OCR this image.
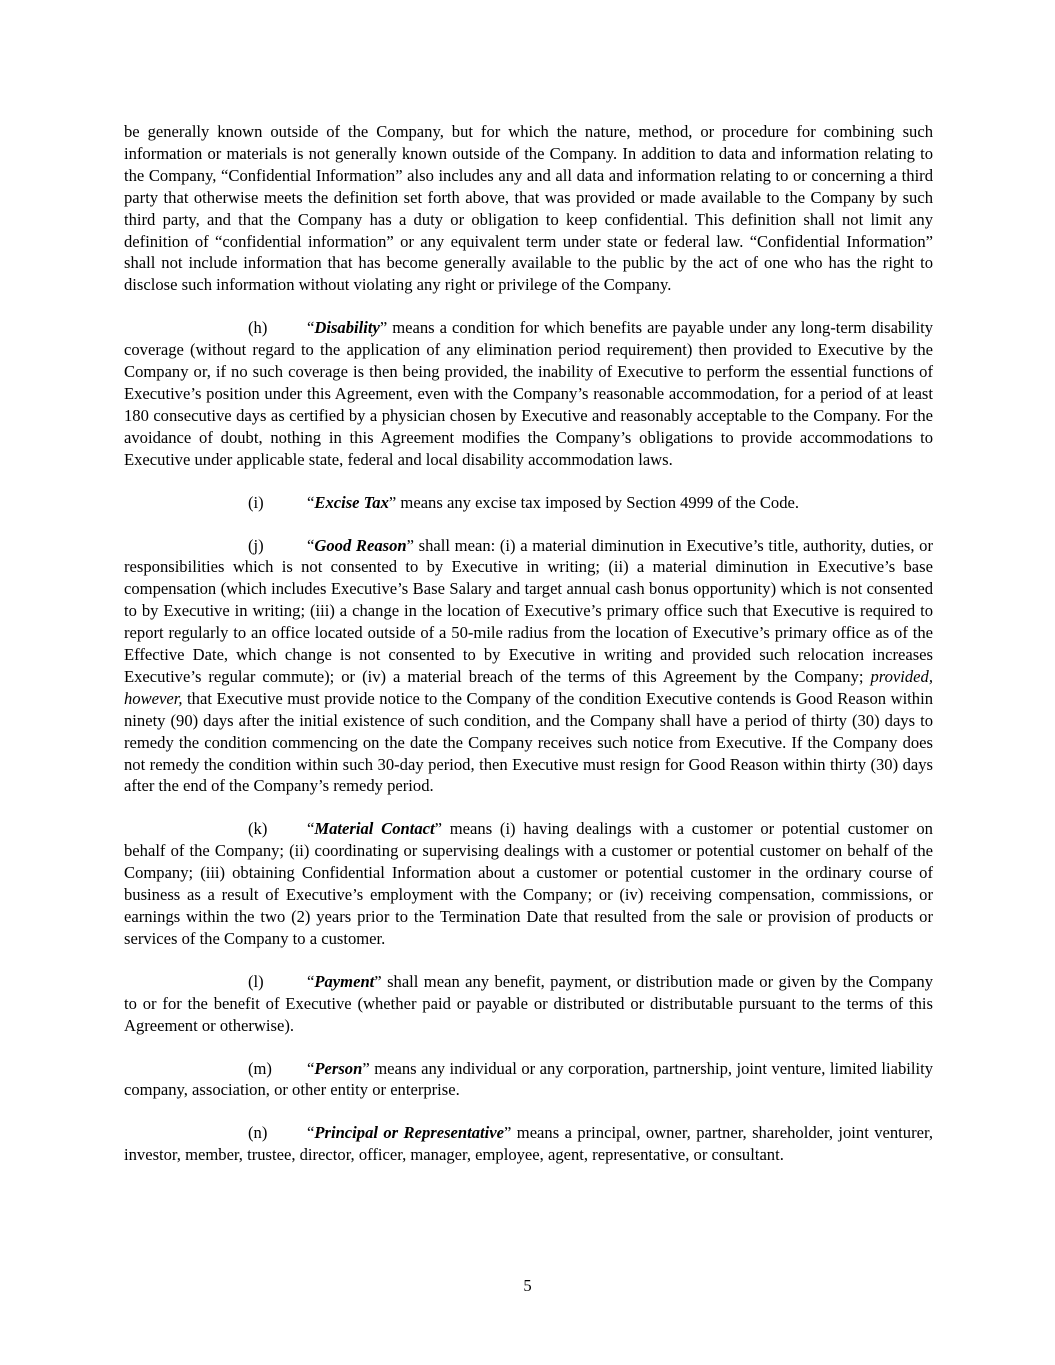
be generally known outside of the Company, but for which the nature, method, or procedure for combining such information or materials is not generally known outside of the Company. In addition to data and information relating to the Company, “Confidential Information” also includes any and all data and information relating to or concerning a third party that otherwise meets the definition set forth above, that was provided or made available to the Company by such third party, and that the Company has a duty or obligation to keep confidential. This definition shall not limit any definition of “confidential information” or any equivalent term under state or federal law. “Confidential Information” shall not include information that has become generally available to the public by the act of one who has the right to disclose such information without violating any right or privilege of the Company.

(h) “Disability” means a condition for which benefits are payable under any long-term disability coverage (without regard to the application of any elimination period requirement) then provided to Executive by the Company or, if no such coverage is then being provided, the inability of Executive to perform the essential functions of Executive’s position under this Agreement, even with the Company’s reasonable accommodation, for a period of at least 180 consecutive days as certified by a physician chosen by Executive and reasonably acceptable to the Company. For the avoidance of doubt, nothing in this Agreement modifies the Company’s obligations to provide accommodations to Executive under applicable state, federal and local disability accommodation laws.

(i)	“Excise Tax” means any excise tax imposed by Section 4999 of the Code.

(j)	“Good Reason” shall mean: (i) a material diminution in Executive’s title, authority, duties, or responsibilities which is not consented to by Executive in writing; (ii) a material diminution in Executive’s base compensation (which includes Executive’s Base Salary and target annual cash bonus opportunity) which is not consented to by Executive in writing; (iii) a change in the location of Executive’s primary office such that Executive is required to report regularly to an office located outside of a 50-mile radius from the location of Executive’s primary office as of the Effective Date, which change is not consented to by Executive in writing and provided such relocation increases Executive’s regular commute); or (iv) a material breach of the terms of this Agreement by the Company; provided, however, that Executive must provide notice to the Company of the condition Executive contends is Good Reason within ninety (90) days after the initial existence of such condition, and the Company shall have a period of thirty (30) days to remedy the condition commencing on the date the Company receives such notice from Executive. If the Company does not remedy the condition within such 30-day period, then Executive must resign for Good Reason within thirty (30) days after the end of the Company’s remedy period.

(k) “Material Contact” means (i) having dealings with a customer or potential customer on behalf of the Company; (ii) coordinating or supervising dealings with a customer or potential customer on behalf of the Company; (iii) obtaining Confidential Information about a customer or potential customer in the ordinary course of business as a result of Executive’s employment with the Company; or (iv) receiving compensation, commissions, or earnings within the two (2) years prior to the Termination Date that resulted from the sale or provision of products or services of the Company to a customer.

(l)	“Payment” shall mean any benefit, payment, or distribution made or given by the Company to or for the benefit of Executive (whether paid or payable or distributed or distributable pursuant to the terms of this Agreement or otherwise).

(m) “Person” means any individual or any corporation, partnership, joint venture, limited liability company, association, or other entity or enterprise.

(n) “Principal or Representative” means a principal, owner, partner, shareholder, joint venturer, investor, member, trustee, director, officer, manager, employee, agent, representative, or consultant.

5
